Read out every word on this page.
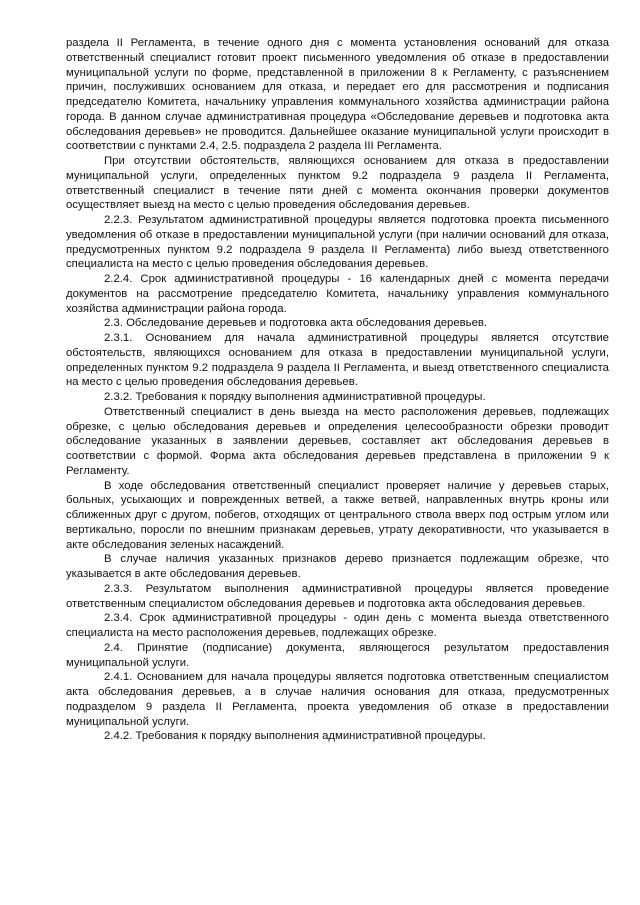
раздела II Регламента, в течение одного дня с момента установления оснований для отказа ответственный специалист готовит проект письменного уведомления об отказе в предоставлении муниципальной услуги по форме, представленной в приложении 8 к Регламенту, с разъяснением причин, послуживших основанием для отказа, и передает его для рассмотрения и подписания председателю Комитета, начальнику управления коммунального хозяйства администрации района города. В данном случае административная процедура «Обследование деревьев и подготовка акта обследования деревьев» не проводится. Дальнейшее оказание муниципальной услуги происходит в соответствии с пунктами 2.4, 2.5. подраздела 2 раздела III Регламента.

При отсутствии обстоятельств, являющихся основанием для отказа в предоставлении муниципальной услуги, определенных пунктом 9.2 подраздела 9 раздела II Регламента, ответственный специалист в течение пяти дней с момента окончания проверки документов осуществляет выезд на место с целью проведения обследования деревьев.

2.2.3. Результатом административной процедуры является подготовка проекта письменного уведомления об отказе в предоставлении муниципальной услуги (при наличии оснований для отказа, предусмотренных пунктом 9.2 подраздела 9 раздела II Регламента) либо выезд ответственного специалиста на место с целью проведения обследования деревьев.

2.2.4. Срок административной процедуры - 16 календарных дней с момента передачи документов на рассмотрение председателю Комитета, начальнику управления коммунального хозяйства администрации района города.

2.3. Обследование деревьев и подготовка акта обследования деревьев.

2.3.1. Основанием для начала административной процедуры является отсутствие обстоятельств, являющихся основанием для отказа в предоставлении муниципальной услуги, определенных пунктом 9.2 подраздела 9 раздела II Регламента, и выезд ответственного специалиста на место с целью проведения обследования деревьев.

2.3.2. Требования к порядку выполнения административной процедуры.

Ответственный специалист в день выезда на место расположения деревьев, подлежащих обрезке, с целью обследования деревьев и определения целесообразности обрезки проводит обследование указанных в заявлении деревьев, составляет акт обследования деревьев в соответствии с формой. Форма акта обследования деревьев представлена в приложении 9 к Регламенту.

В ходе обследования ответственный специалист проверяет наличие у деревьев старых, больных, усыхающих и поврежденных ветвей, а также ветвей, направленных внутрь кроны или сближенных друг с другом, побегов, отходящих от центрального ствола вверх под острым углом или вертикально, поросли по внешним признакам деревьев, утрату декоративности, что указывается в акте обследования зеленых насаждений.

В случае наличия указанных признаков дерево признается подлежащим обрезке, что указывается в акте обследования деревьев.

2.3.3. Результатом выполнения административной процедуры является проведение ответственным специалистом обследования деревьев и подготовка акта обследования деревьев.

2.3.4. Срок административной процедуры - один день с момента выезда ответственного специалиста на место расположения деревьев, подлежащих обрезке.

2.4. Принятие (подписание) документа, являющегося результатом предоставления муниципальной услуги.

2.4.1. Основанием для начала процедуры является подготовка ответственным специалистом акта обследования деревьев, а в случае наличия основания для отказа, предусмотренных подразделом 9 раздела II Регламента, проекта уведомления об отказе в предоставлении муниципальной услуги.

2.4.2. Требования к порядку выполнения административной процедуры.
